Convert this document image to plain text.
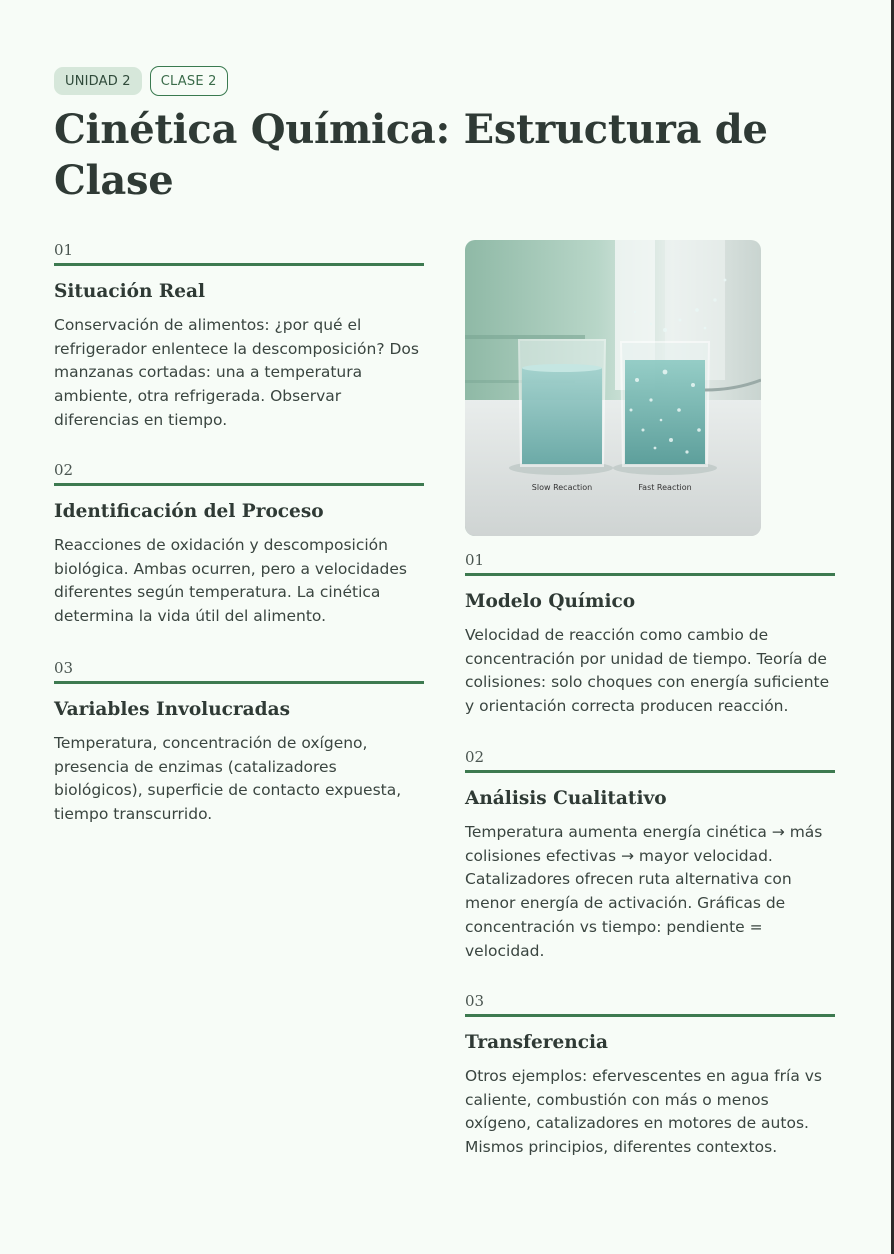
UNIDAD 2	CLASE 2
Cinética Química: Estructura de Clase
01
Situación Real
Conservación de alimentos: ¿por qué el refrigerador enlentece la descomposición? Dos manzanas cortadas: una a temperatura ambiente, otra refrigerada. Observar diferencias en tiempo.
02
Identificación del Proceso
Reacciones de oxidación y descomposición biológica. Ambas ocurren, pero a velocidades diferentes según temperatura. La cinética determina la vida útil del alimento.
03
Variables Involucradas
Temperatura, concentración de oxígeno, presencia de enzimas (catalizadores biológicos), superficie de contacto expuesta, tiempo transcurrido.
Slow Recaction	Fast Reaction
01
Modelo Químico
Velocidad de reacción como cambio de concentración por unidad de tiempo. Teoría de colisiones: solo choques con energía suficiente y orientación correcta producen reacción.
02
Análisis Cualitativo
Temperatura aumenta energía cinética → más colisiones efectivas → mayor velocidad. Catalizadores ofrecen ruta alternativa con menor energía de activación. Gráficas de concentración vs tiempo: pendiente = velocidad.
03
Transferencia
Otros ejemplos: efervescentes en agua fría vs caliente, combustión con más o menos oxígeno, catalizadores en motores de autos. Mismos principios, diferentes contextos.
